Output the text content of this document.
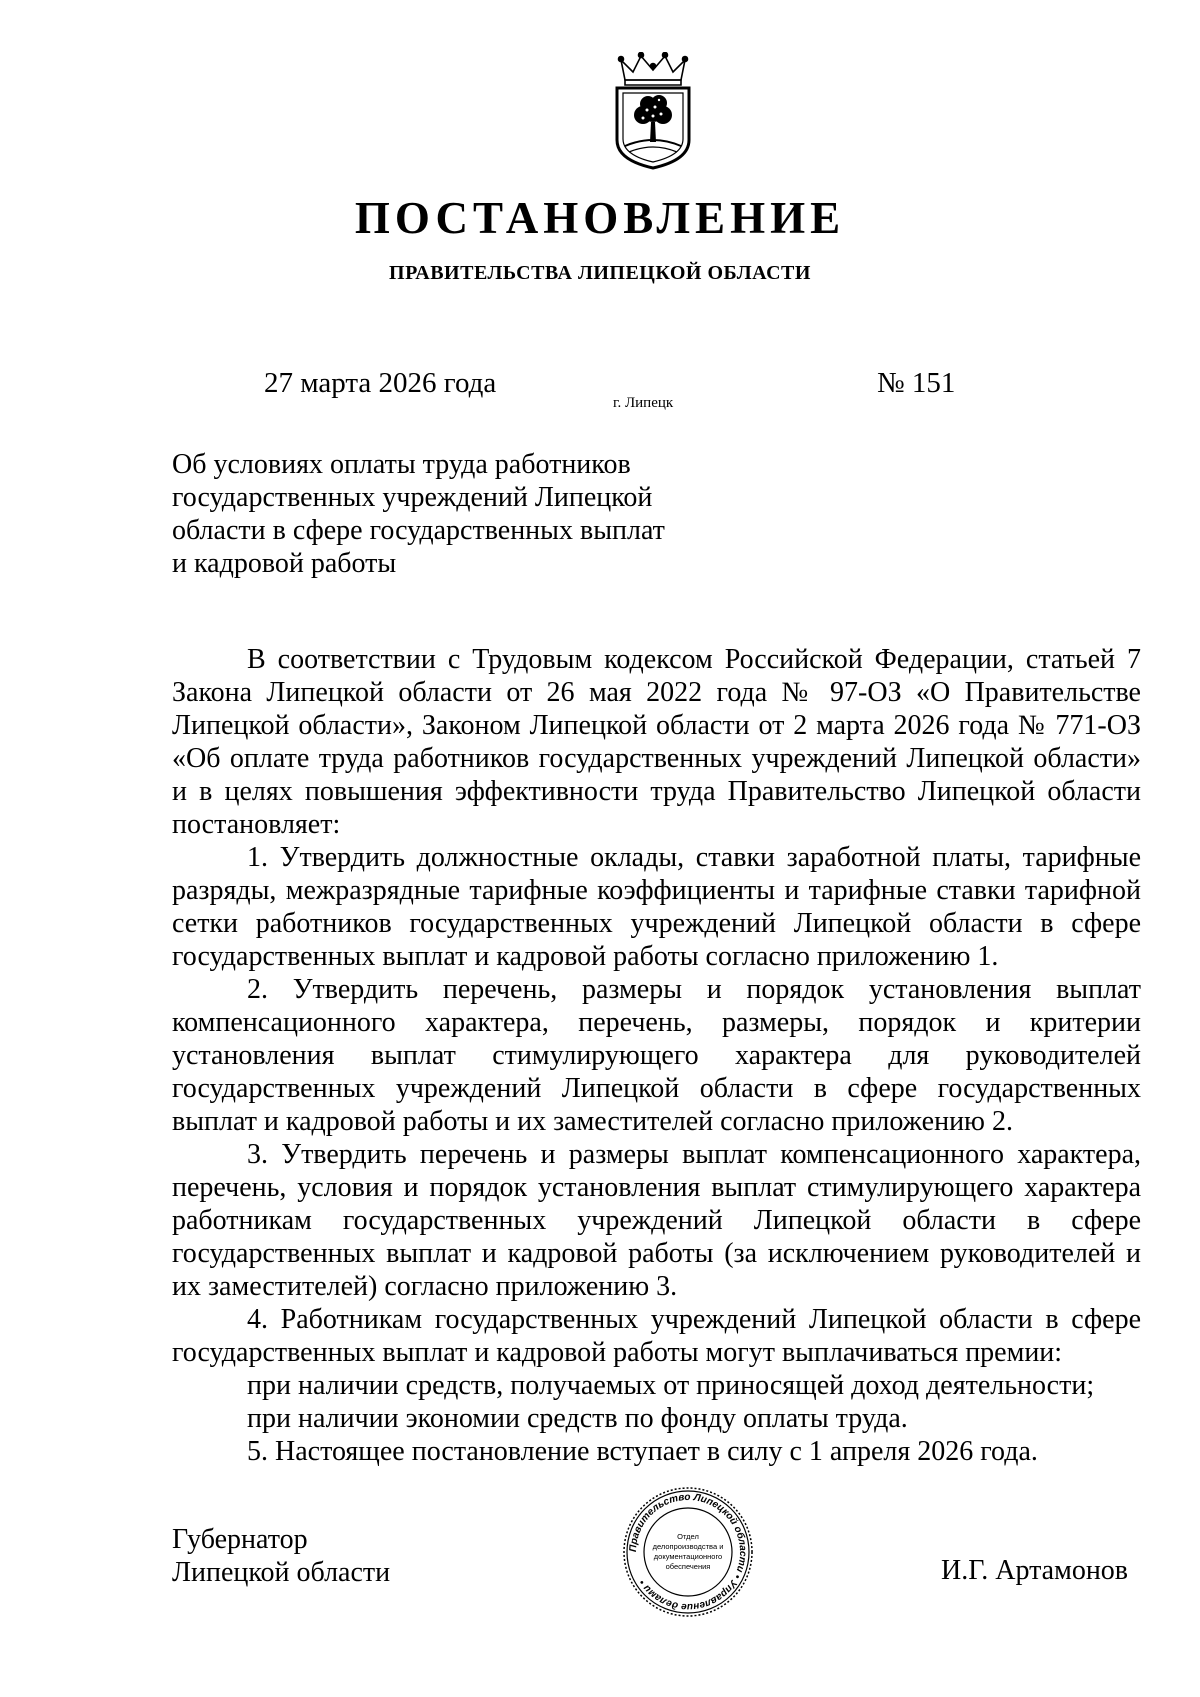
ПОСТАНОВЛЕНИЕ
ПРАВИТЕЛЬСТВА ЛИПЕЦКОЙ ОБЛАСТИ
27 марта 2026 года
г. Липецк
№ 151
Об условиях оплаты труда работников
государственных учреждений Липецкой
области в сфере государственных выплат
и кадровой работы

В соответствии с Трудовым кодексом Российской Федерации, статьей 7 Закона Липецкой области от 26 мая 2022 года № 97-ОЗ «О Правительстве Липецкой области», Законом Липецкой области от 2 марта 2026 года № 771-ОЗ «Об оплате труда работников государственных учреждений Липецкой области» и в целях повышения эффективности труда Правительство Липецкой области постановляет:

1. Утвердить должностные оклады, ставки заработной платы, тарифные разряды, межразрядные тарифные коэффициенты и тарифные ставки тарифной сетки работников государственных учреждений Липецкой области в сфере государственных выплат и кадровой работы согласно приложению 1.

2. Утвердить перечень, размеры и порядок установления выплат компенсационного характера, перечень, размеры, порядок и критерии установления выплат стимулирующего характера для руководителей государственных учреждений Липецкой области в сфере государственных выплат и кадровой работы и их заместителей согласно приложению 2.

3. Утвердить перечень и размеры выплат компенсационного характера, перечень, условия и порядок установления выплат стимулирующего характера работникам государственных учреждений Липецкой области в сфере государственных выплат и кадровой работы (за исключением руководителей и их заместителей) согласно приложению 3.

4. Работникам государственных учреждений Липецкой области в сфере государственных выплат и кадровой работы могут выплачиваться премии:

при наличии средств, получаемых от приносящей доход деятельности;

при наличии экономии средств по фонду оплаты труда.

5. Настоящее постановление вступает в силу с 1 апреля 2026 года.

Губернатор
Липецкой области
Правительство Липецкой области • Управление делами •
Отдел
делопроизводства и
документационного
обеспечения	И.Г. Артамонов
